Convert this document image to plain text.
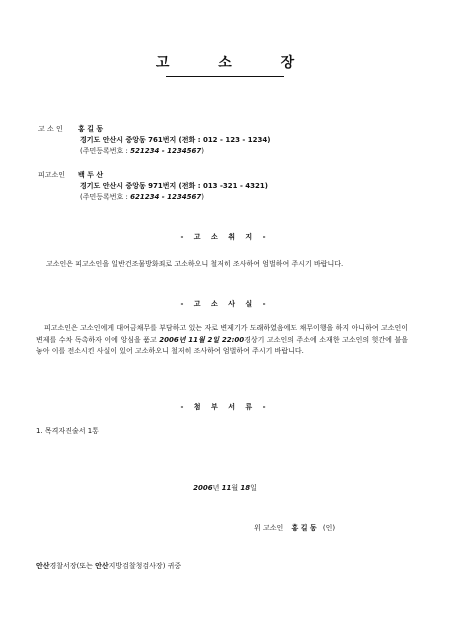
고 소 장
고 소 인 홍 길 동
경기도 안산시 중앙동 761번지 (전화 : 012 - 123 - 1234)
(주민등록번호 : 521234 - 1234567)
피고소인 백 두 산
경기도 안산시 중앙동 971번지 (전화 : 013 -321 - 4321)
(주민등록번호 : 621234 - 1234567)
- 고 소 취 지 -
고소인은 피고소인을 일반건조물방화죄로 고소하오니 철저히 조사하여 엄벌하여 주시기 바랍니다.
- 고 소 사 실 -
피고소인은 고소인에게 대여금채무를 부담하고 있는 자로 변제기가 도래하였음에도 채무이행을 하지 아니하여 고소인이 변제를 수차 독촉하자 이에 앙심을 품고 2006년 11월 2일 22:00경상기 고소인의 주소에 소재한 고소인의 헛간에 불을 놓아 이를 전소시킨 사실이 있어 고소하오니 철저히 조사하여 엄벌하여 주시기 바랍니다.
- 첨 부 서 류 -
1. 목격자진술서 1통
2006년 11월 18일
위 고소인 홍 길 동 (인)
안산경찰서장(또는 안산지방검찰청검사장) 귀중
